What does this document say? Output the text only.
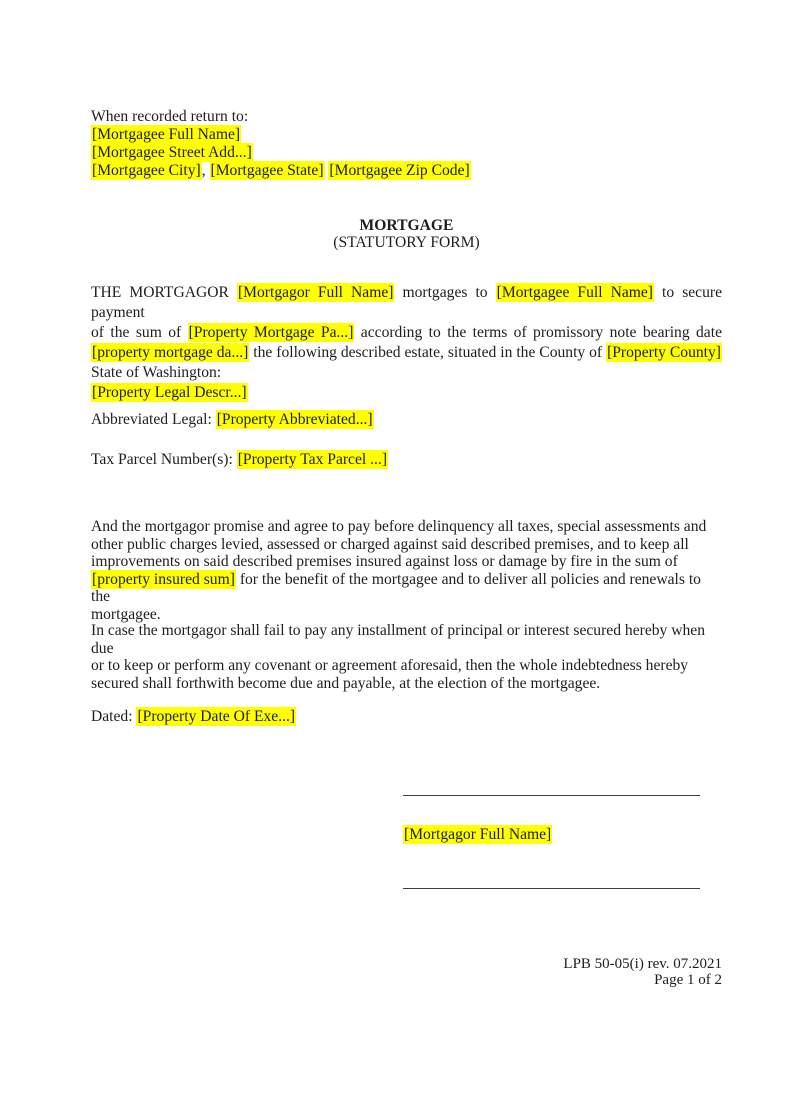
When recorded return to:
[Mortgagee Full Name]
[Mortgagee Street Add...]
[Mortgagee City], [Mortgagee State] [Mortgagee Zip Code]
MORTGAGE
(STATUTORY FORM)
THE MORTGAGOR [Mortgagor Full Name] mortgages to [Mortgagee Full Name] to secure payment
of the sum of [Property Mortgage Pa...] according to the terms of promissory note bearing date
[property mortgage da...] the following described estate, situated in the County of [Property County]
State of Washington:
[Property Legal Descr...]
Abbreviated Legal: [Property Abbreviated...]
Tax Parcel Number(s): [Property Tax Parcel ...]
And the mortgagor promise and agree to pay before delinquency all taxes, special assessments and
other public charges levied, assessed or charged against said described premises, and to keep all
improvements on said described premises insured against loss or damage by fire in the sum of
[property insured sum] for the benefit of the mortgagee and to deliver all policies and renewals to the
mortgagee.
In case the mortgagor shall fail to pay any installment of principal or interest secured hereby when due
or to keep or perform any covenant or agreement aforesaid, then the whole indebtedness hereby
secured shall forthwith become due and payable, at the election of the mortgagee.
Dated: [Property Date Of Exe...]
[Mortgagor Full Name]
LPB 50-05(i) rev. 07.2021
Page 1 of 2
